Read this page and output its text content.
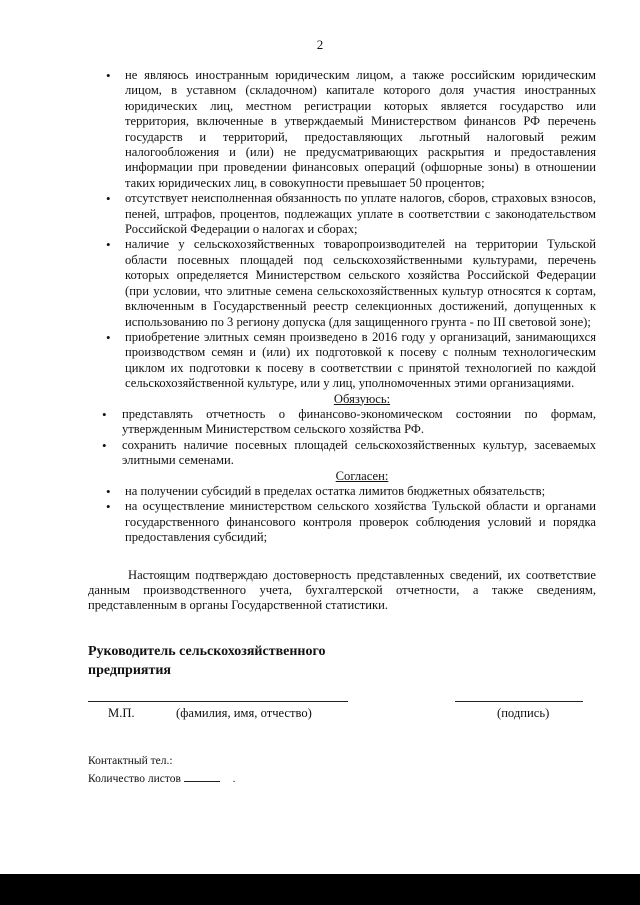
2
• не являюсь иностранным юридическим лицом, а также российским юридическим лицом, в уставном (складочном) капитале которого доля участия иностранных юридических лиц, местном регистрации которых является государство или территория, включенные в утверждаемый Министерством финансов РФ перечень государств и территорий, предоставляющих льготный налоговый режим налогообложения и (или) не предусматривающих раскрытия и предоставления информации при проведении финансовых операций (офшорные зоны) в отношении таких юридических лиц, в совокупности превышает 50 процентов;
• отсутствует неисполненная обязанность по уплате налогов, сборов, страховых взносов, пеней, штрафов, процентов, подлежащих уплате в соответствии с законодательством Российской Федерации о налогах и сборах;
• наличие у сельскохозяйственных товаропроизводителей на территории Тульской области посевных площадей под сельскохозяйственными культурами, перечень которых определяется Министерством сельского хозяйства Российской Федерации (при условии, что элитные семена сельскохозяйственных культур относятся к сортам, включенным в Государственный реестр селекционных достижений, допущенных к использованию по 3 региону допуска (для защищенного грунта - по III световой зоне);
• приобретение элитных семян произведено в 2016 году у организаций, занимающихся производством семян и (или) их подготовкой к посеву с полным технологическим циклом их подготовки к посеву в соответствии с принятой технологией по каждой сельскохозяйственной культуре, или у лиц, уполномоченных этими организациями.

Обязуюсь:

• представлять отчетность о финансово-экономическом состоянии по формам, утвержденным Министерством сельского хозяйства РФ.
• сохранить наличие посевных площадей сельскохозяйственных культур, засеваемых элитными семенами.

Согласен:

• на получении субсидий в пределах остатка лимитов бюджетных обязательств;
• на осуществление министерством сельского хозяйства Тульской области и органами государственного финансового контроля проверок соблюдения условий и порядка предоставления субсидий;

Настоящим подтверждаю достоверность представленных сведений, их соответствие данным производственного учета, бухгалтерской отчетности, а также сведениям, представленным в органы Государственной статистики.

Руководитель сельскохозяйственного
предприятия
М.П.	(фамилия, имя, отчество)	(подпись)
Контактный тел.:
Количество листов	.
